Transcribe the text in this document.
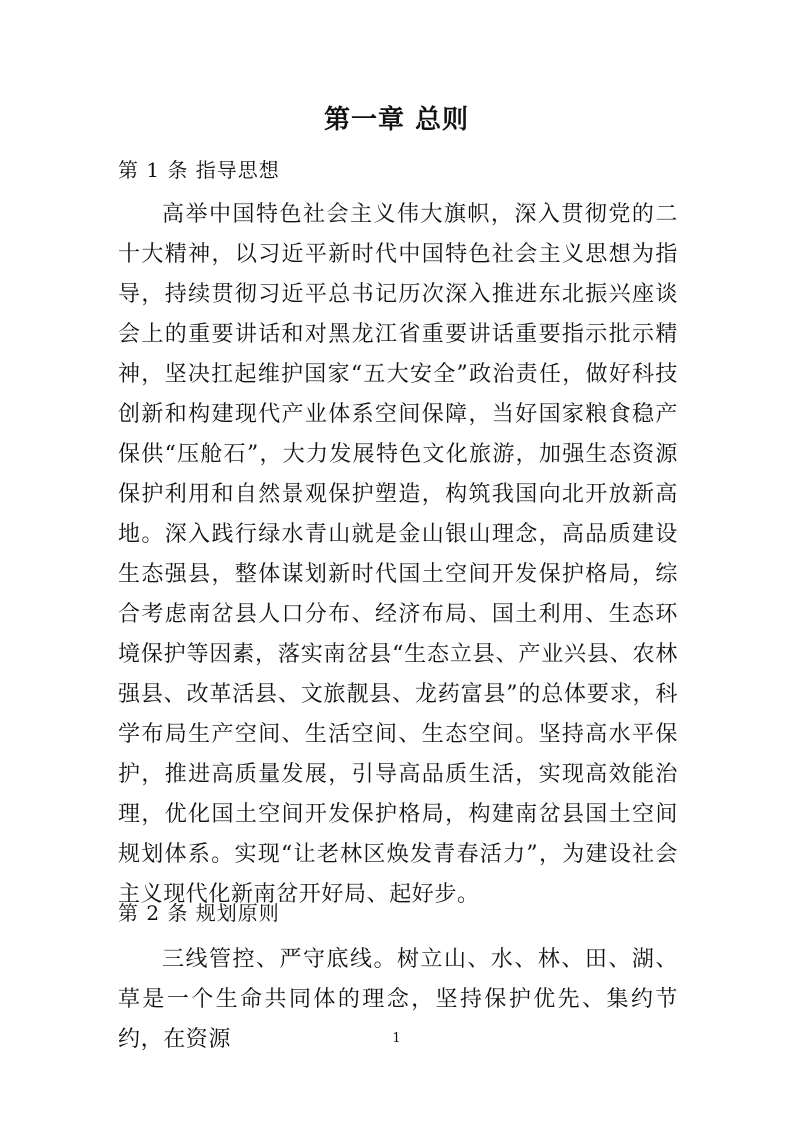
第一章 总则
第 1 条 指导思想

高举中国特色社会主义伟大旗帜，深入贯彻党的二十大精神，以习近平新时代中国特色社会主义思想为指导，持续贯彻习近平总书记历次深入推进东北振兴座谈会上的重要讲话和对黑龙江省重要讲话重要指示批示精神，坚决扛起维护国家“五大安全”政治责任，做好科技创新和构建现代产业体系空间保障，当好国家粮食稳产保供“压舱石”，大力发展特色文化旅游，加强生态资源保护利用和自然景观保护塑造，构筑我国向北开放新高地。深入践行绿水青山就是金山银山理念，高品质建设生态强县，整体谋划新时代国土空间开发保护格局，综合考虑南岔县人口分布、经济布局、国土利用、生态环境保护等因素，落实南岔县“生态立县、产业兴县、农林强县、改革活县、文旅靓县、龙药富县”的总体要求，科学布局生产空间、生活空间、生态空间。坚持高水平保护，推进高质量发展，引导高品质生活，实现高效能治理，优化国土空间开发保护格局，构建南岔县国土空间规划体系。实现“让老林区焕发青春活力”，为建设社会主义现代化新南岔开好局、起好步。

第 2 条 规划原则

三线管控、严守底线。树立山、水、林、田、湖、草是一个生命共同体的理念，坚持保护优先、集约节约，在资源	1
